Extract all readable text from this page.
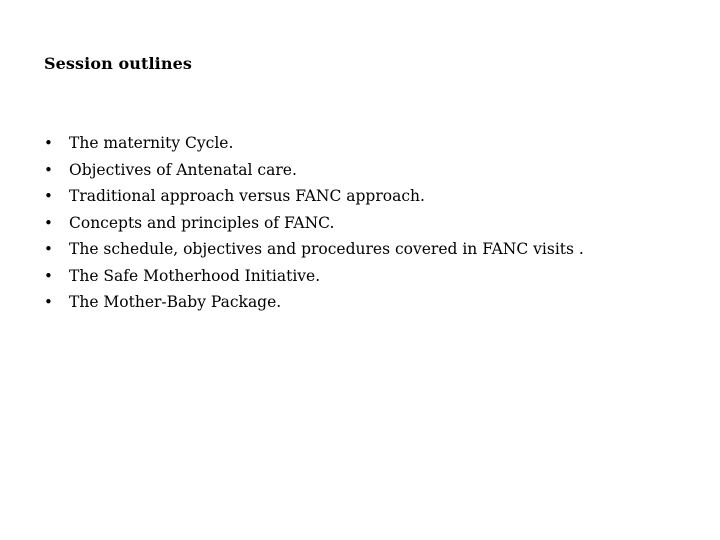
Session outlines
•	The maternity Cycle.
•	Objectives of Antenatal care.
•	Traditional approach versus FANC approach.
•	Concepts and principles of FANC.
•	The schedule, objectives and procedures covered in FANC visits .
•	The Safe Motherhood Initiative.
•	The Mother-Baby Package.
